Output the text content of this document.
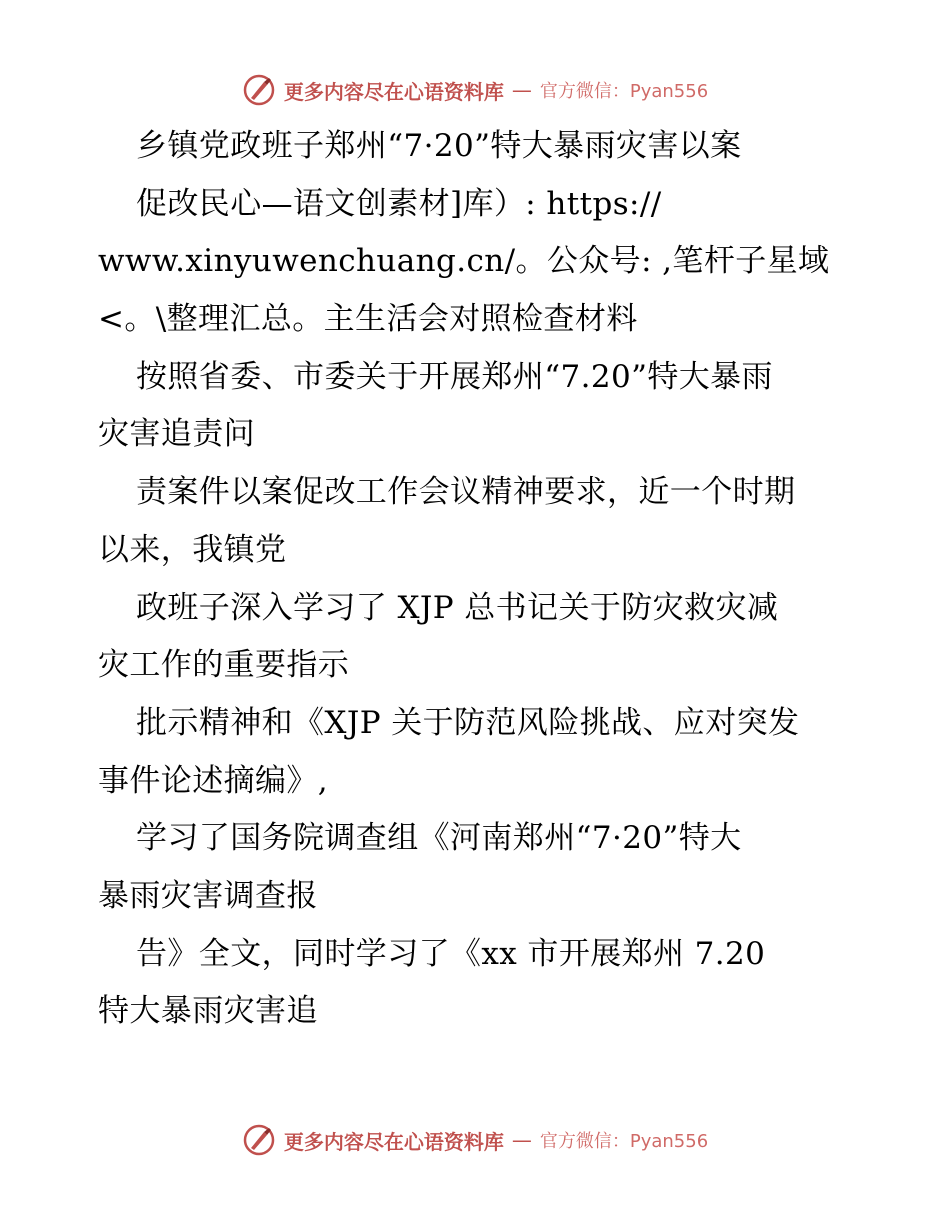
更多内容尽在心语资料库 — 官方微信：Pyan556
乡镇党政班子郑州“7·20”特大暴雨灾害以案
促改民心—语文创素材]库）: https://
www.xinyuwenchuang.cn/。公众号: ,笔杆子星域
<。\整理汇总。主生活会对照检查材料
按照省委、市委关于开展郑州“7.20”特大暴雨
灾害追责问
责案件以案促改工作会议精神要求，近一个时期
以来，我镇党
政班子深入学习了 XJP 总书记关于防灾救灾减
灾工作的重要指示
批示精神和《XJP 关于防范风险挑战、应对突发
事件论述摘编》,
学习了国务院调查组《河南郑州“7·20”特大
暴雨灾害调查报
告》全文，同时学习了《xx 市开展郑州 7.20
特大暴雨灾害追
更多内容尽在心语资料库 — 官方微信：Pyan556
